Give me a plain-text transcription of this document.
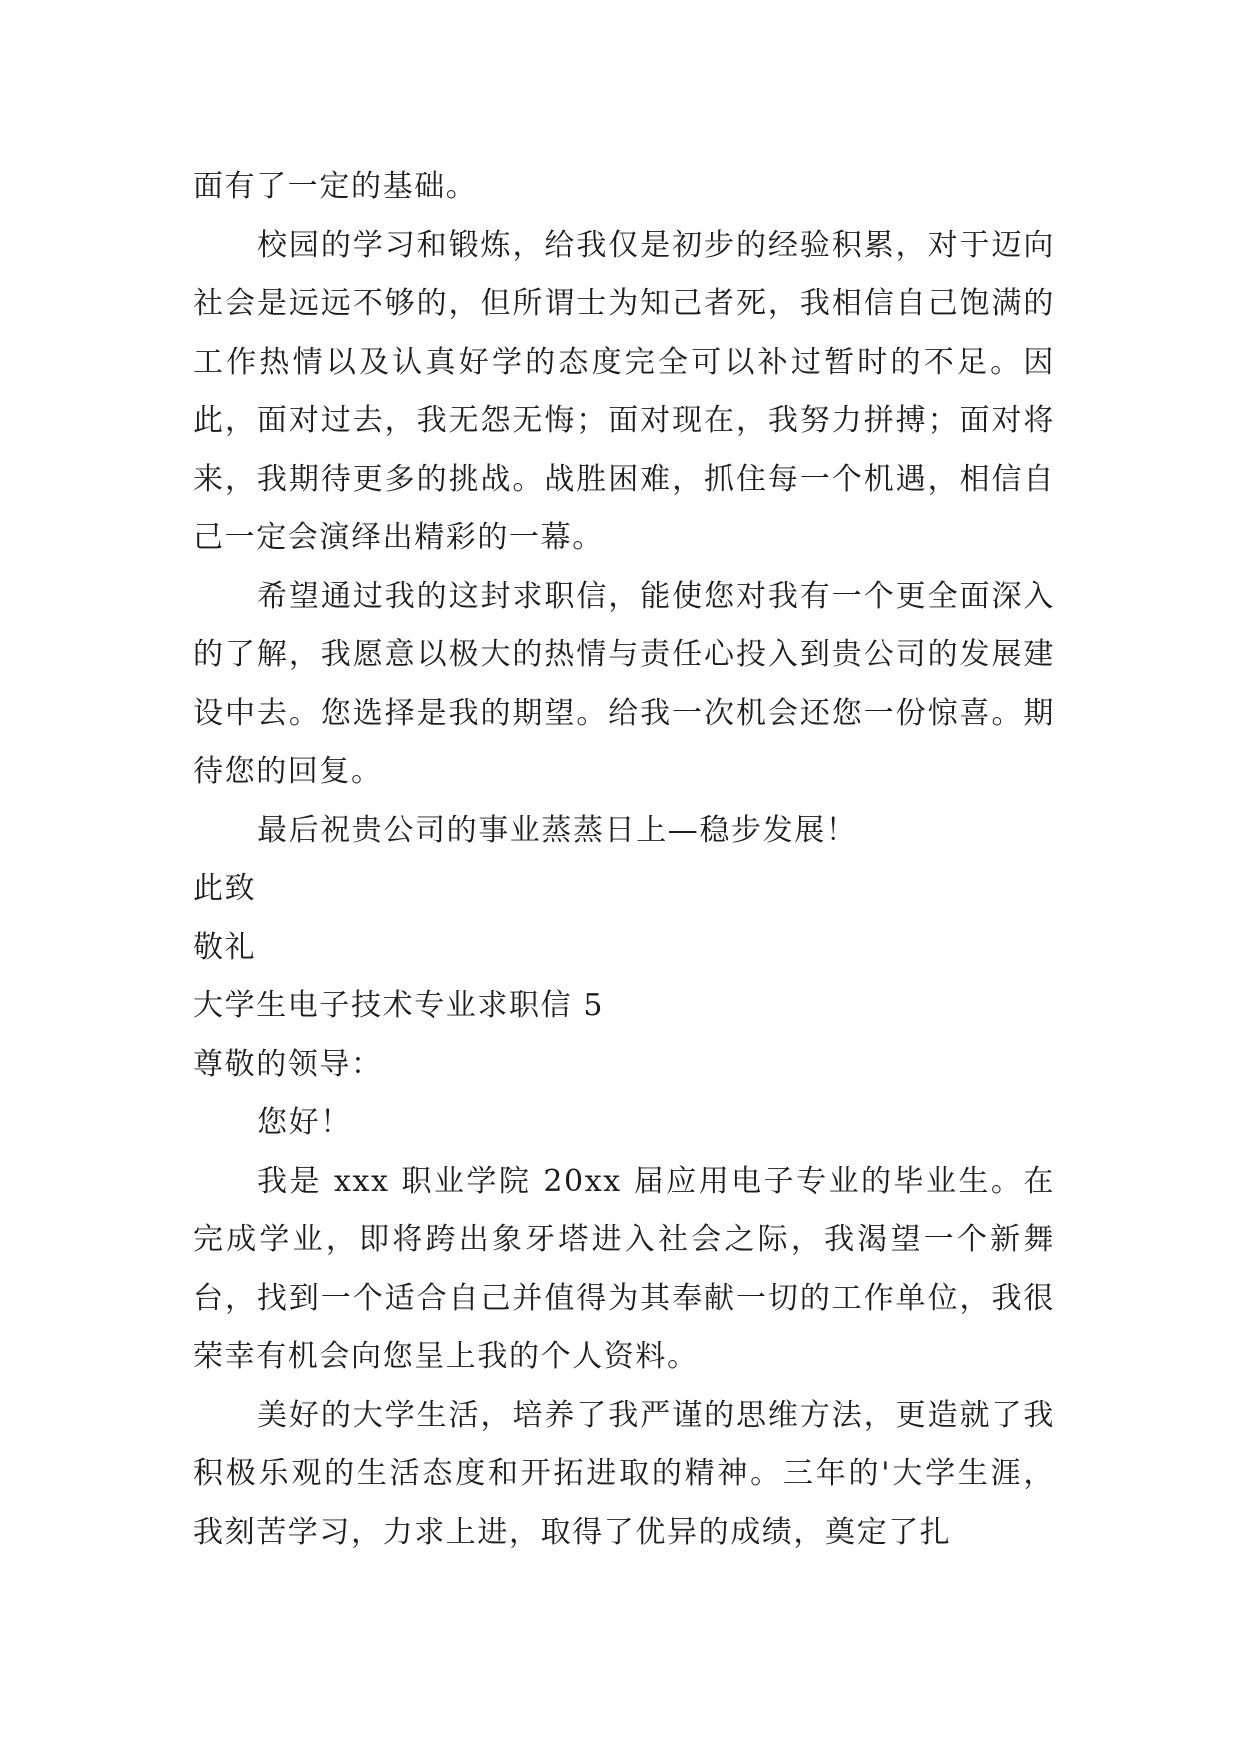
面有了一定的基础。

校园的学习和锻炼，给我仅是初步的经验积累，对于迈向社会是远远不够的，但所谓士为知己者死，我相信自己饱满的工作热情以及认真好学的态度完全可以补过暂时的不足。因此，面对过去，我无怨无悔；面对现在，我努力拼搏；面对将来，我期待更多的挑战。战胜困难，抓住每一个机遇，相信自己一定会演绎出精彩的一幕。

希望通过我的这封求职信，能使您对我有一个更全面深入的了解，我愿意以极大的热情与责任心投入到贵公司的发展建设中去。您选择是我的期望。给我一次机会还您一份惊喜。期待您的回复。

最后祝贵公司的事业蒸蒸日上—稳步发展！

此致

敬礼

大学生电子技术专业求职信 5

尊敬的领导：

您好！

我是 xxx 职业学院 20xx 届应用电子专业的毕业生。在完成学业，即将跨出象牙塔进入社会之际，我渴望一个新舞台，找到一个适合自己并值得为其奉献一切的工作单位，我很荣幸有机会向您呈上我的个人资料。

美好的大学生活，培养了我严谨的思维方法，更造就了我积极乐观的生活态度和开拓进取的精神。三年的'大学生涯，我刻苦学习，力求上进，取得了优异的成绩，奠定了扎
